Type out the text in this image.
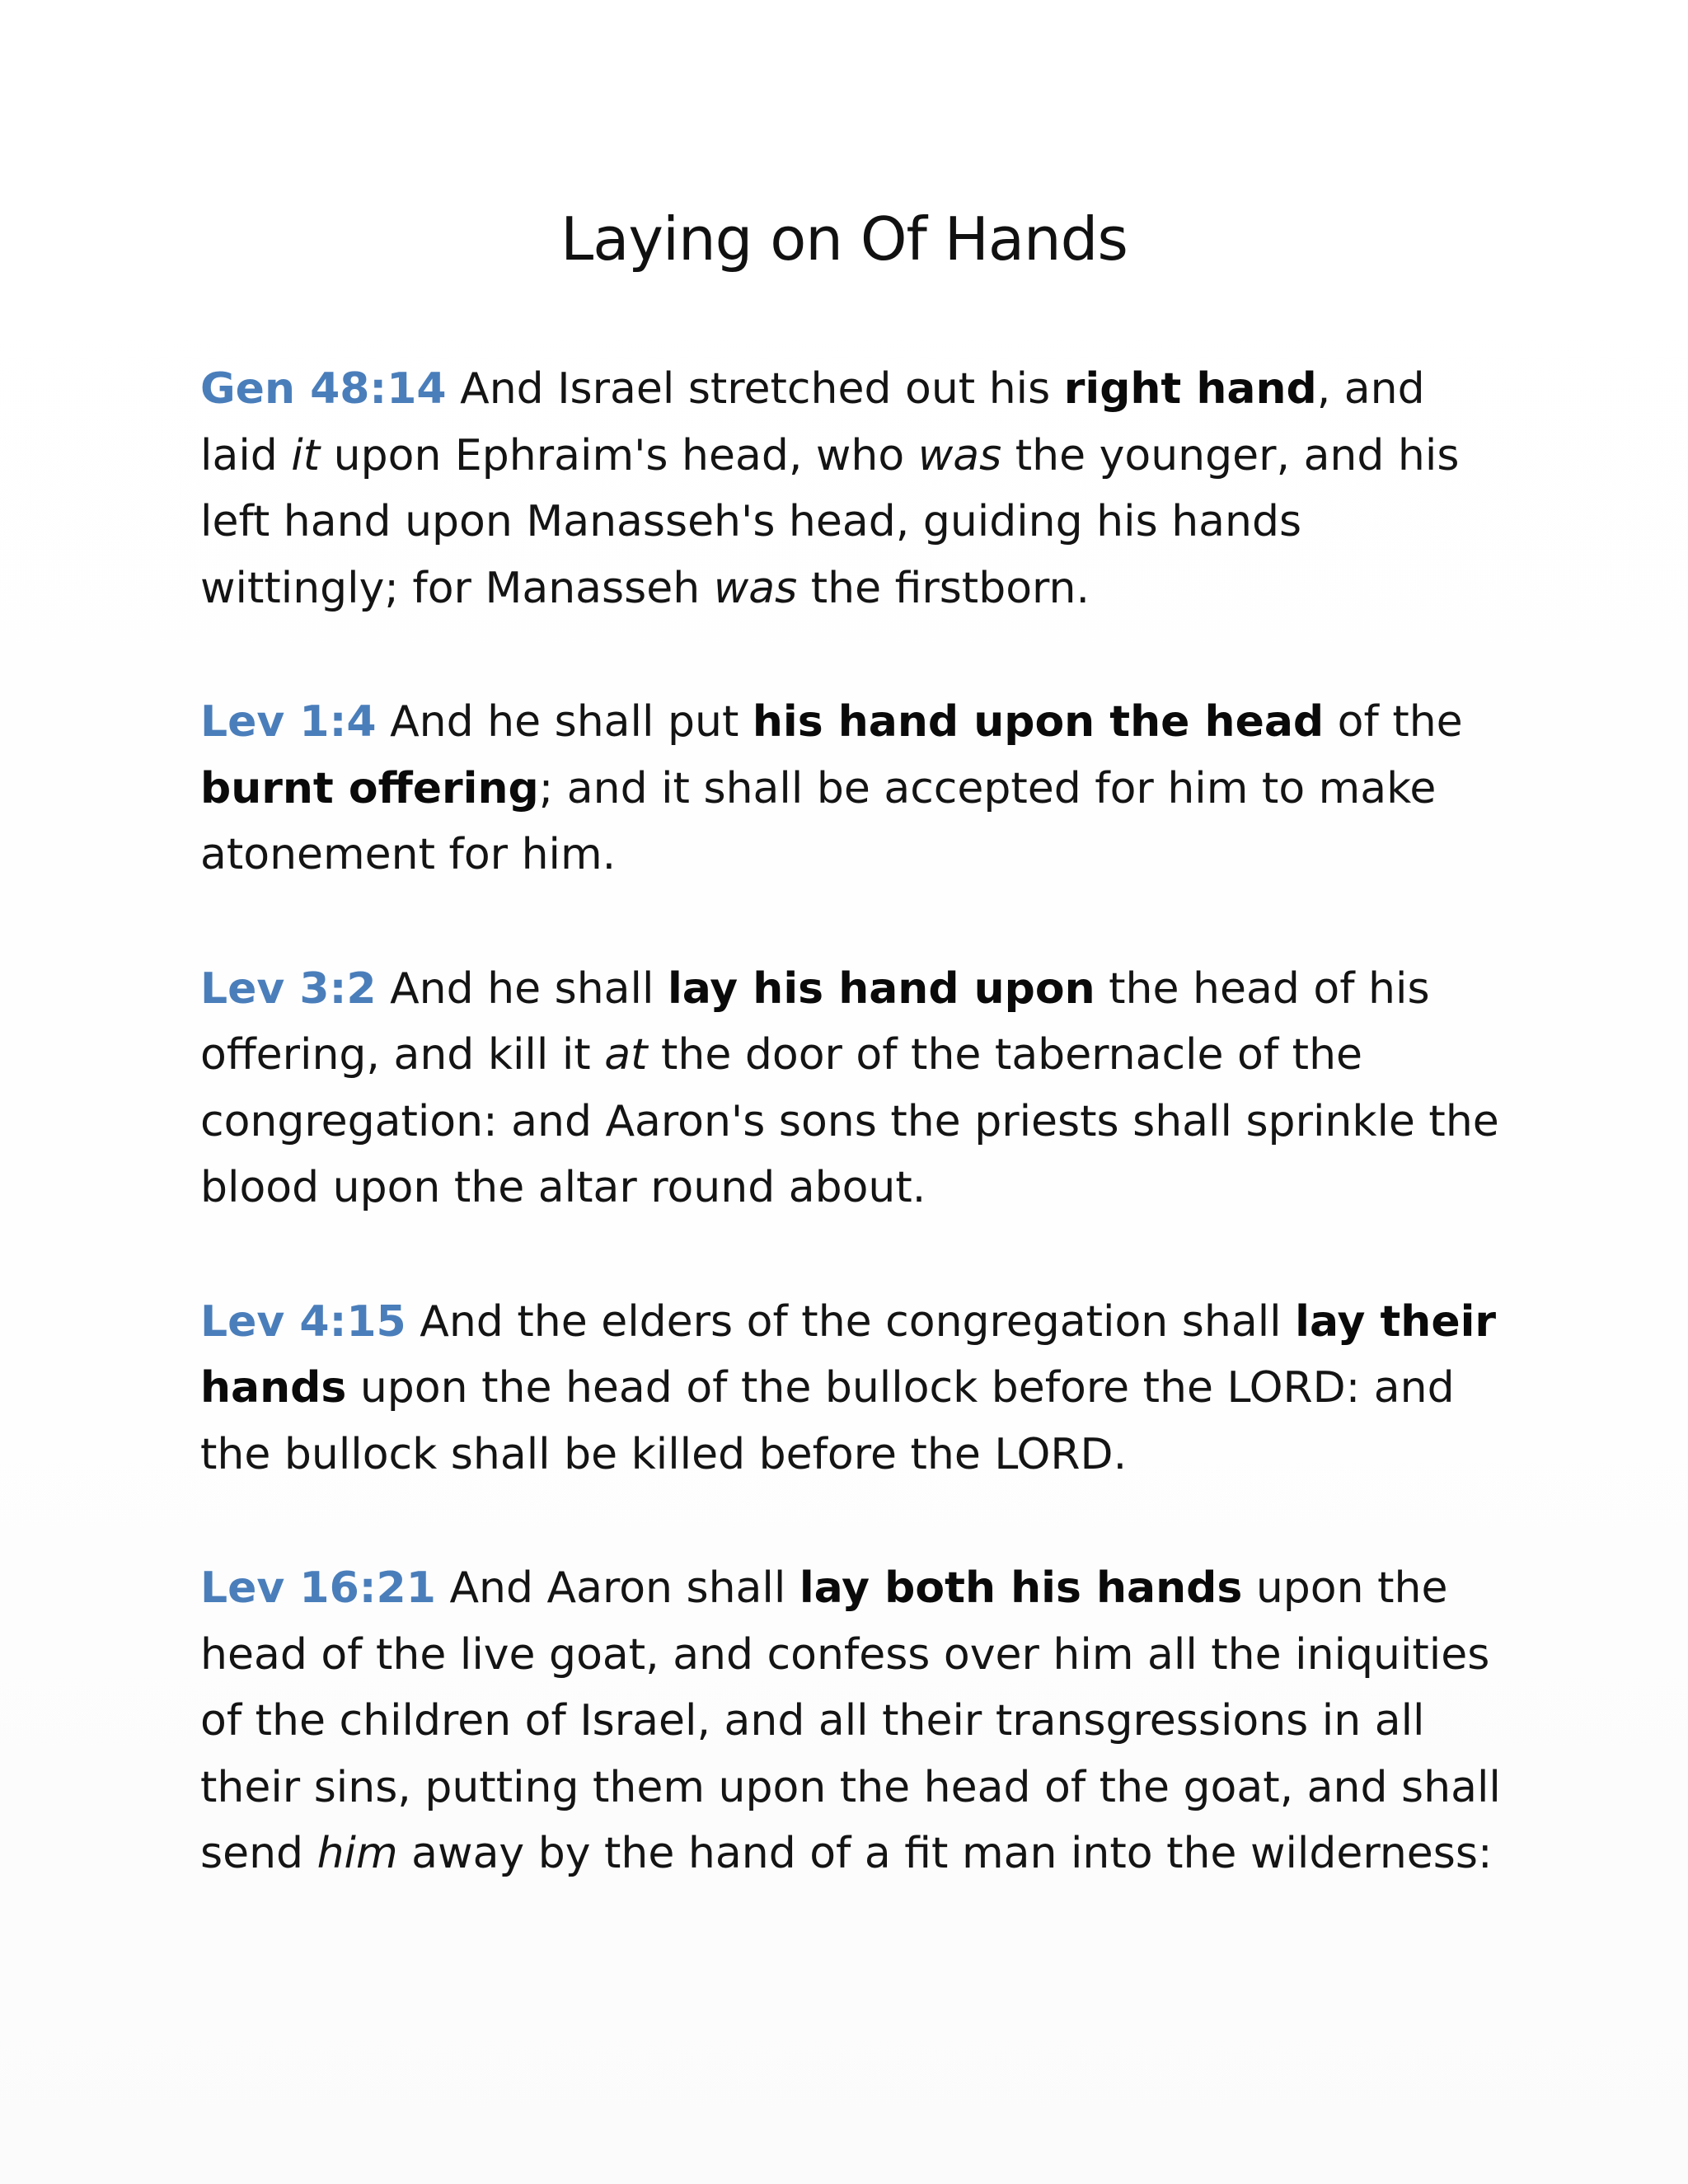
Laying on Of Hands

Gen 48:14 And Israel stretched out his right hand, and laid it upon Ephraim's head, who was the younger, and his left hand upon Manasseh's head, guiding his hands wittingly; for Manasseh was the firstborn.

Lev 1:4 And he shall put his hand upon the head of the burnt offering; and it shall be accepted for him to make atonement for him.

Lev 3:2 And he shall lay his hand upon the head of his offering, and kill it at the door of the tabernacle of the congregation: and Aaron's sons the priests shall sprinkle the blood upon the altar round about.

Lev 4:15 And the elders of the congregation shall lay their hands upon the head of the bullock before the LORD: and the bullock shall be killed before the LORD.

Lev 16:21 And Aaron shall lay both his hands upon the head of the live goat, and confess over him all the iniquities of the children of Israel, and all their transgressions in all their sins, putting them upon the head of the goat, and shall send him away by the hand of a fit man into the wilderness:
